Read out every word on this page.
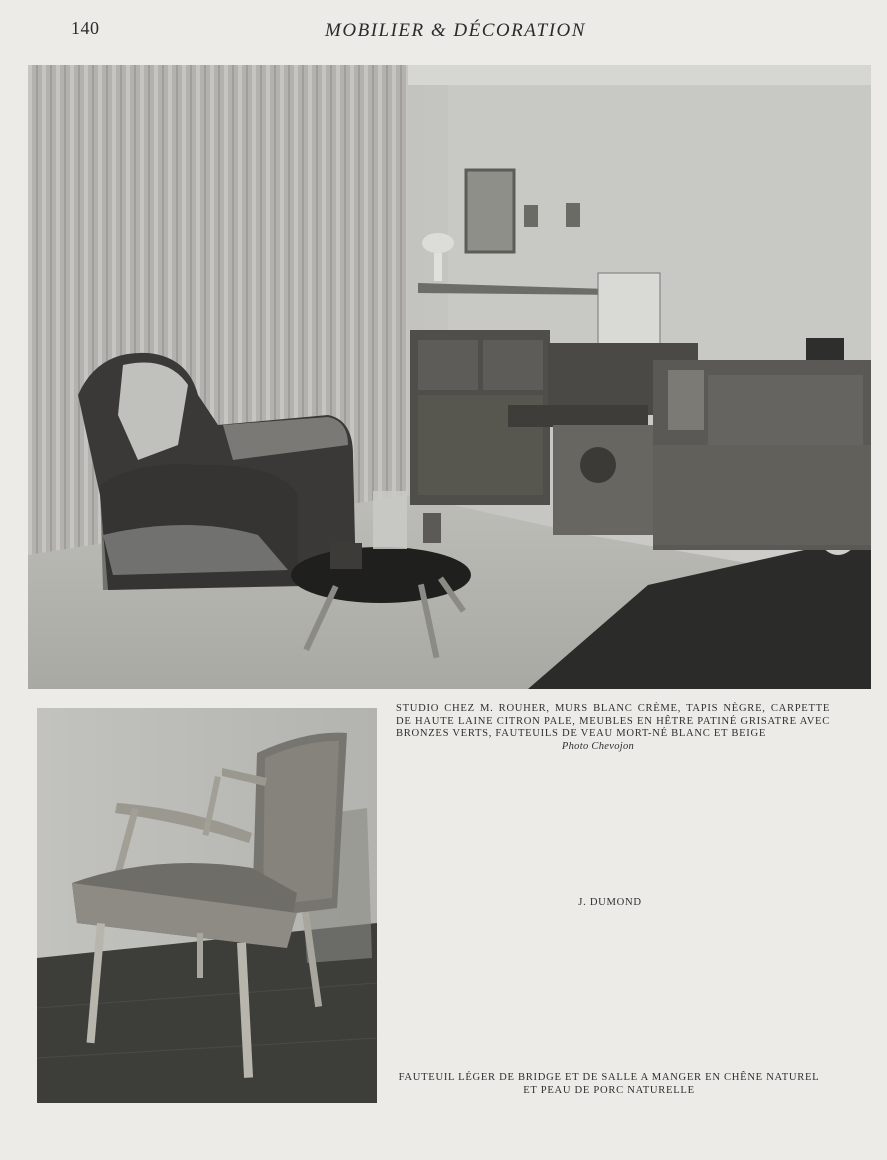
140	MOBILIER & DÉCORATION
STUDIO CHEZ M. ROUHER, MURS BLANC CRÈME, TAPIS NÈGRE, CARPETTE DE HAUTE LAINE CITRON PALE, MEUBLES EN HÊTRE PATINÉ GRISATRE AVEC BRONZES VERTS, FAUTEUILS DE VEAU MORT-NÉ BLANC ET BEIGE
Photo Chevojon
J. DUMOND
FAUTEUIL LÉGER DE BRIDGE ET DE SALLE A MANGER EN CHÊNE NATUREL
ET PEAU DE PORC NATURELLE
